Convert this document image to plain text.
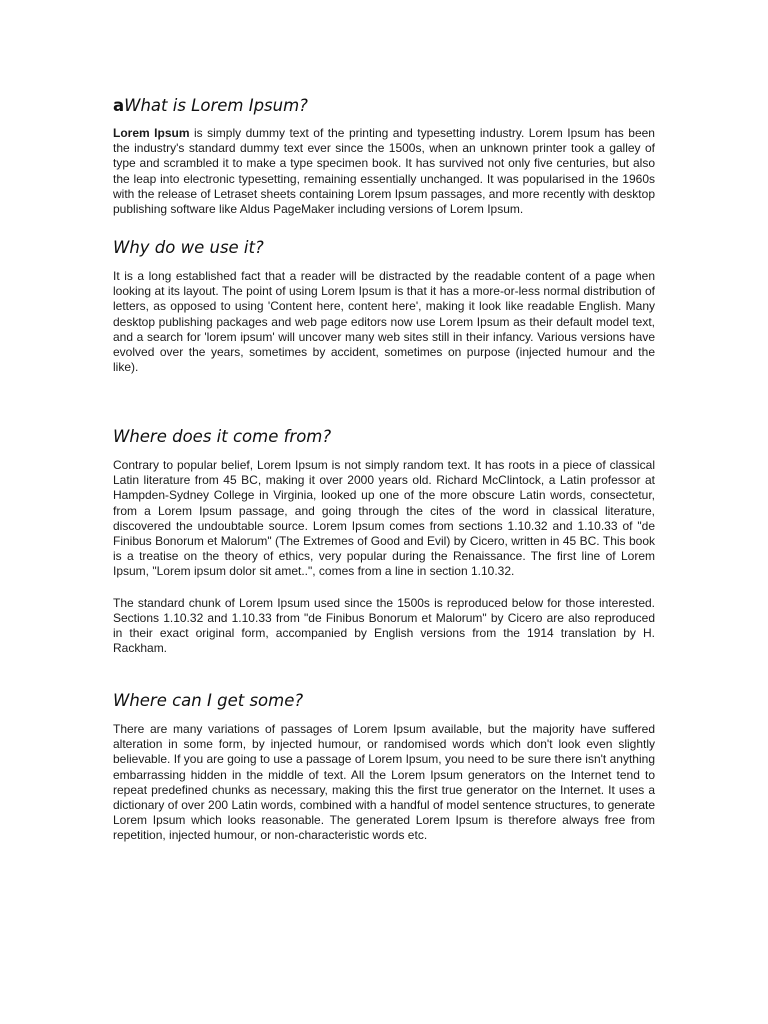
aWhat is Lorem Ipsum?

Lorem Ipsum is simply dummy text of the printing and typesetting industry. Lorem Ipsum has been the industry's standard dummy text ever since the 1500s, when an unknown printer took a galley of type and scrambled it to make a type specimen book. It has survived not only five centuries, but also the leap into electronic typesetting, remaining essentially unchanged. It was popularised in the 1960s with the release of Letraset sheets containing Lorem Ipsum passages, and more recently with desktop publishing software like Aldus PageMaker including versions of Lorem Ipsum.

Why do we use it?

It is a long established fact that a reader will be distracted by the readable content of a page when looking at its layout. The point of using Lorem Ipsum is that it has a more-or-less normal distribution of letters, as opposed to using 'Content here, content here', making it look like readable English. Many desktop publishing packages and web page editors now use Lorem Ipsum as their default model text, and a search for 'lorem ipsum' will uncover many web sites still in their infancy. Various versions have evolved over the years, sometimes by accident, sometimes on purpose (injected humour and the like).

Where does it come from?

Contrary to popular belief, Lorem Ipsum is not simply random text. It has roots in a piece of classical Latin literature from 45 BC, making it over 2000 years old. Richard McClintock, a Latin professor at Hampden-Sydney College in Virginia, looked up one of the more obscure Latin words, consectetur, from a Lorem Ipsum passage, and going through the cites of the word in classical literature, discovered the undoubtable source. Lorem Ipsum comes from sections 1.10.32 and 1.10.33 of "de Finibus Bonorum et Malorum" (The Extremes of Good and Evil) by Cicero, written in 45 BC. This book is a treatise on the theory of ethics, very popular during the Renaissance. The first line of Lorem Ipsum, "Lorem ipsum dolor sit amet..", comes from a line in section 1.10.32.

The standard chunk of Lorem Ipsum used since the 1500s is reproduced below for those interested. Sections 1.10.32 and 1.10.33 from "de Finibus Bonorum et Malorum" by Cicero are also reproduced in their exact original form, accompanied by English versions from the 1914 translation by H. Rackham.

Where can I get some?

There are many variations of passages of Lorem Ipsum available, but the majority have suffered alteration in some form, by injected humour, or randomised words which don't look even slightly believable. If you are going to use a passage of Lorem Ipsum, you need to be sure there isn't anything embarrassing hidden in the middle of text. All the Lorem Ipsum generators on the Internet tend to repeat predefined chunks as necessary, making this the first true generator on the Internet. It uses a dictionary of over 200 Latin words, combined with a handful of model sentence structures, to generate Lorem Ipsum which looks reasonable. The generated Lorem Ipsum is therefore always free from repetition, injected humour, or non-characteristic words etc.
